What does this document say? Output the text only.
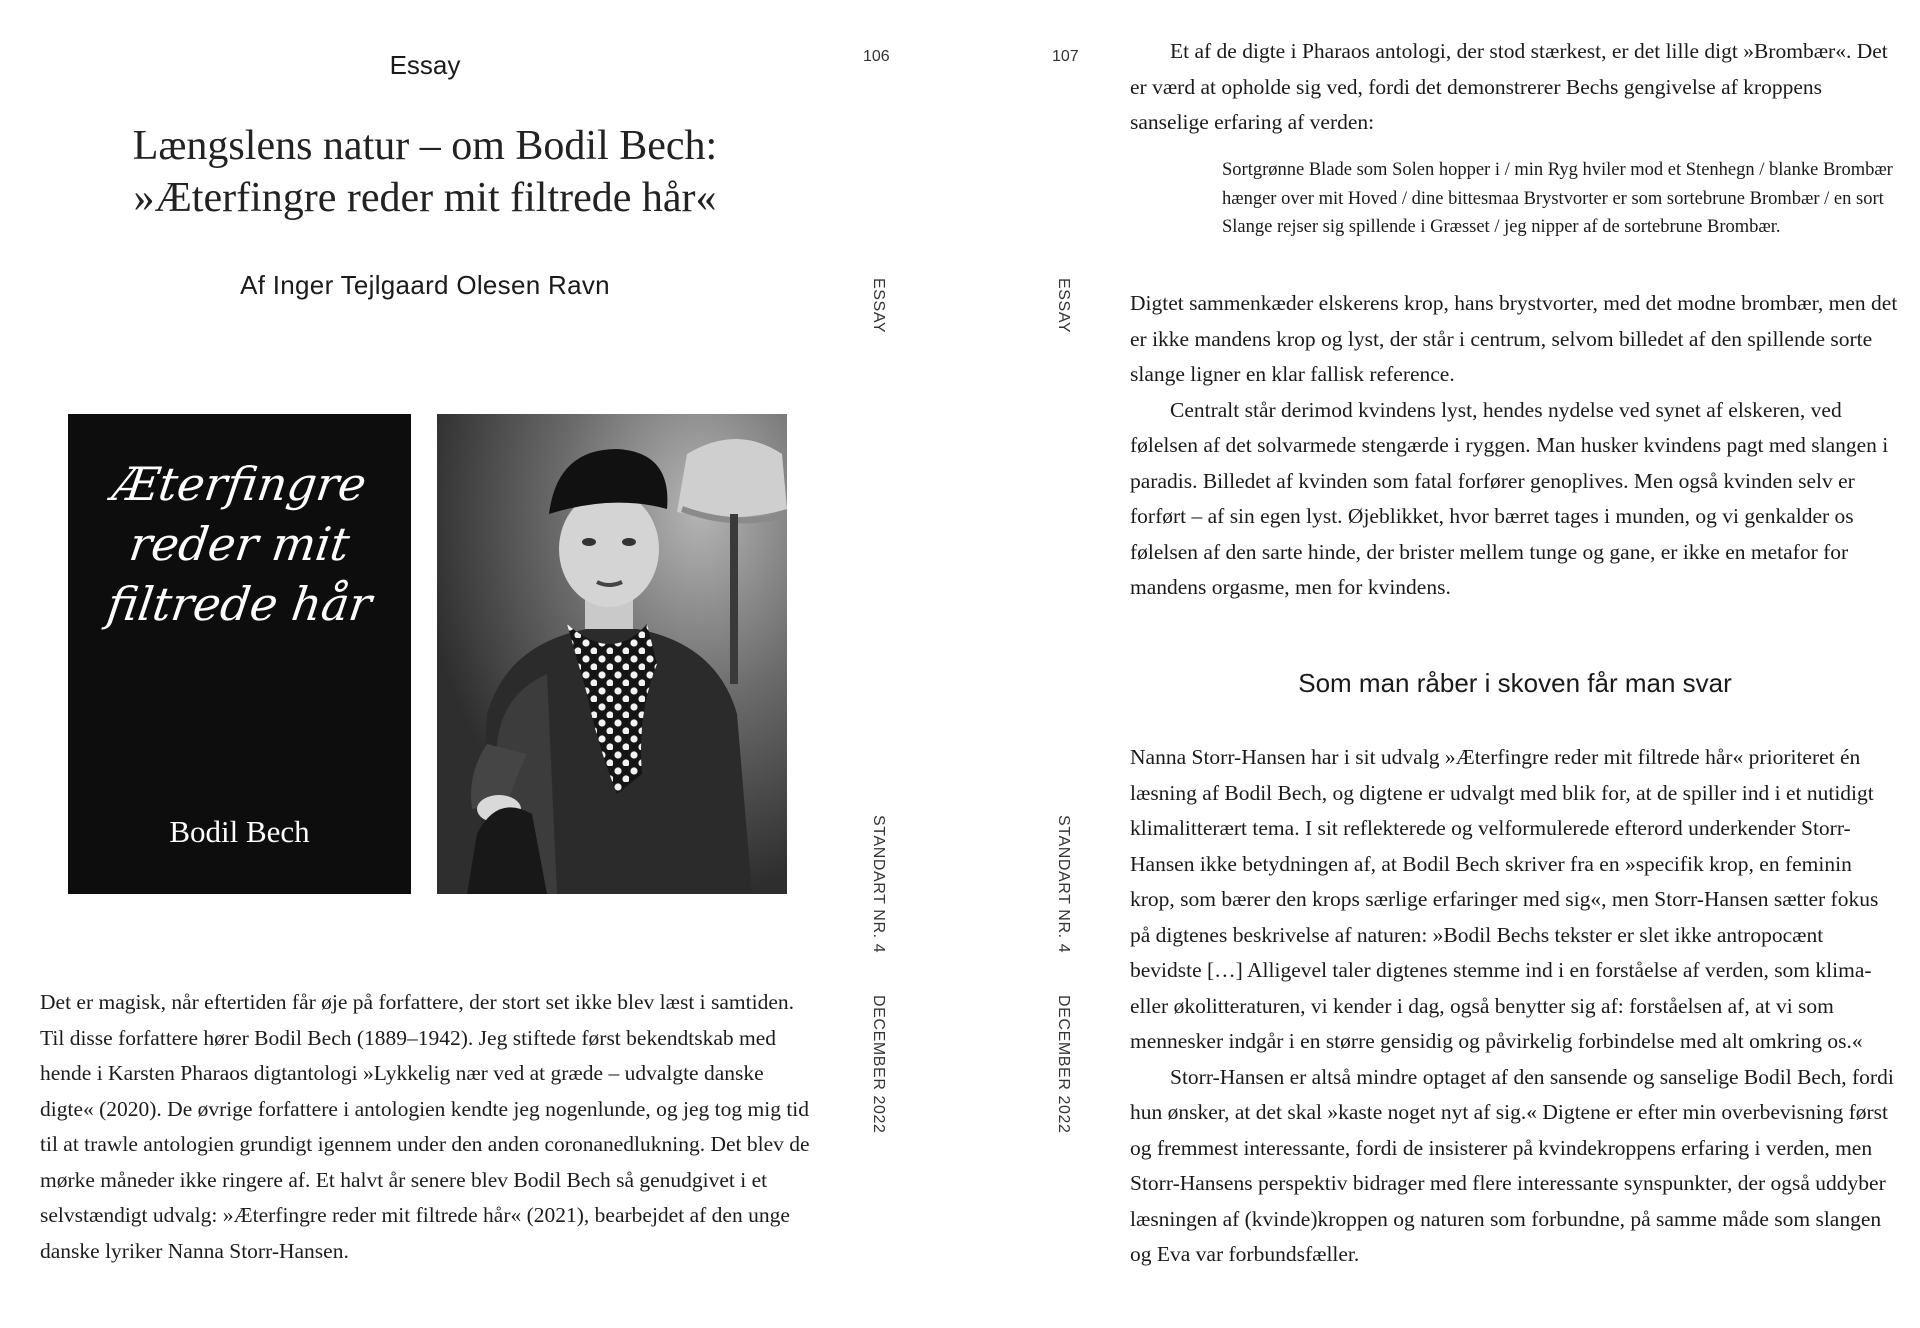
Essay
Længslens natur – om Bodil Bech:
»Æterfingre reder mit filtrede hår«
Af Inger Tejlgaard Olesen Ravn
Æterfingre
reder mit
filtrede hår
Bodil Bech

Det er magisk, når eftertiden får øje på forfattere, der stort set ikke blev læst i samtiden. Til disse forfattere hører Bodil Bech (1889–1942). Jeg stiftede først bekendtskab med hende i Karsten Pharaos digtantologi »Lykkelig nær ved at græde – udvalgte danske digte« (2020). De øvrige forfattere i antologien kendte jeg nogenlunde, og jeg tog mig tid til at trawle antologien grundigt igennem under den anden coronanedlukning. Det blev de mørke måneder ikke ringere af. Et halvt år senere blev Bodil Bech så genudgivet i et selvstændigt udvalg: »Æterfingre reder mit filtrede hår« (2021), bearbejdet af den unge danske lyriker Nanna Storr-Hansen.

106	107
ESSAY
STANDART NR. 4
DECEMBER 2022
ESSAY
STANDART NR. 4
DECEMBER 2022

Et af de digte i Pharaos antologi, der stod stærkest, er det lille digt »Brombær«. Det er værd at opholde sig ved, fordi det demonstrerer Bechs gengivelse af kroppens sanselige erfaring af verden:

Sortgrønne Blade som Solen hopper i / min Ryg hviler mod et Stenhegn / blanke Brombær hænger over mit Hoved / dine bittesmaa Brystvorter er som sortebrune Brombær / en sort Slange rejser sig spillende i Græsset / jeg nipper af de sortebrune Brombær.

Digtet sammenkæder elskerens krop, hans brystvorter, med det modne brombær, men det er ikke mandens krop og lyst, der står i centrum, selvom billedet af den spillende sorte slange ligner en klar fallisk reference.

Centralt står derimod kvindens lyst, hendes nydelse ved synet af elskeren, ved følelsen af det solvarmede stengærde i ryggen. Man husker kvindens pagt med slangen i paradis. Billedet af kvinden som fatal forfører genoplives. Men også kvinden selv er forført – af sin egen lyst. Øjeblikket, hvor bærret tages i munden, og vi genkalder os følelsen af den sarte hinde, der brister mellem tunge og gane, er ikke en metafor for mandens orgasme, men for kvindens.

Som man råber i skoven får man svar

Nanna Storr-Hansen har i sit udvalg »Æterfingre reder mit filtrede hår« prioriteret én læsning af Bodil Bech, og digtene er udvalgt med blik for, at de spiller ind i et nutidigt klimalitterært tema. I sit reflekterede og velformulerede efterord underkender Storr-Hansen ikke betydningen af, at Bodil Bech skriver fra en »specifik krop, en feminin krop, som bærer den krops særlige erfaringer med sig«, men Storr-Hansen sætter fokus på digtenes beskrivelse af naturen: »Bodil Bechs tekster er slet ikke antropocænt bevidste […] Alligevel taler digtenes stemme ind i en forståelse af verden, som klima- eller økolitteraturen, vi kender i dag, også benytter sig af: forståelsen af, at vi som mennesker indgår i en større gensidig og påvirkelig forbindelse med alt omkring os.«

Storr-Hansen er altså mindre optaget af den sansende og sanselige Bodil Bech, fordi hun ønsker, at det skal »kaste noget nyt af sig.« Digtene er efter min overbevisning først og fremmest interessante, fordi de insisterer på kvindekroppens erfaring i verden, men Storr-Hansens perspektiv bidrager med flere interessante synspunkter, der også uddyber læsningen af (kvinde)kroppen og naturen som forbundne, på samme måde som slangen og Eva var forbundsfæller.
